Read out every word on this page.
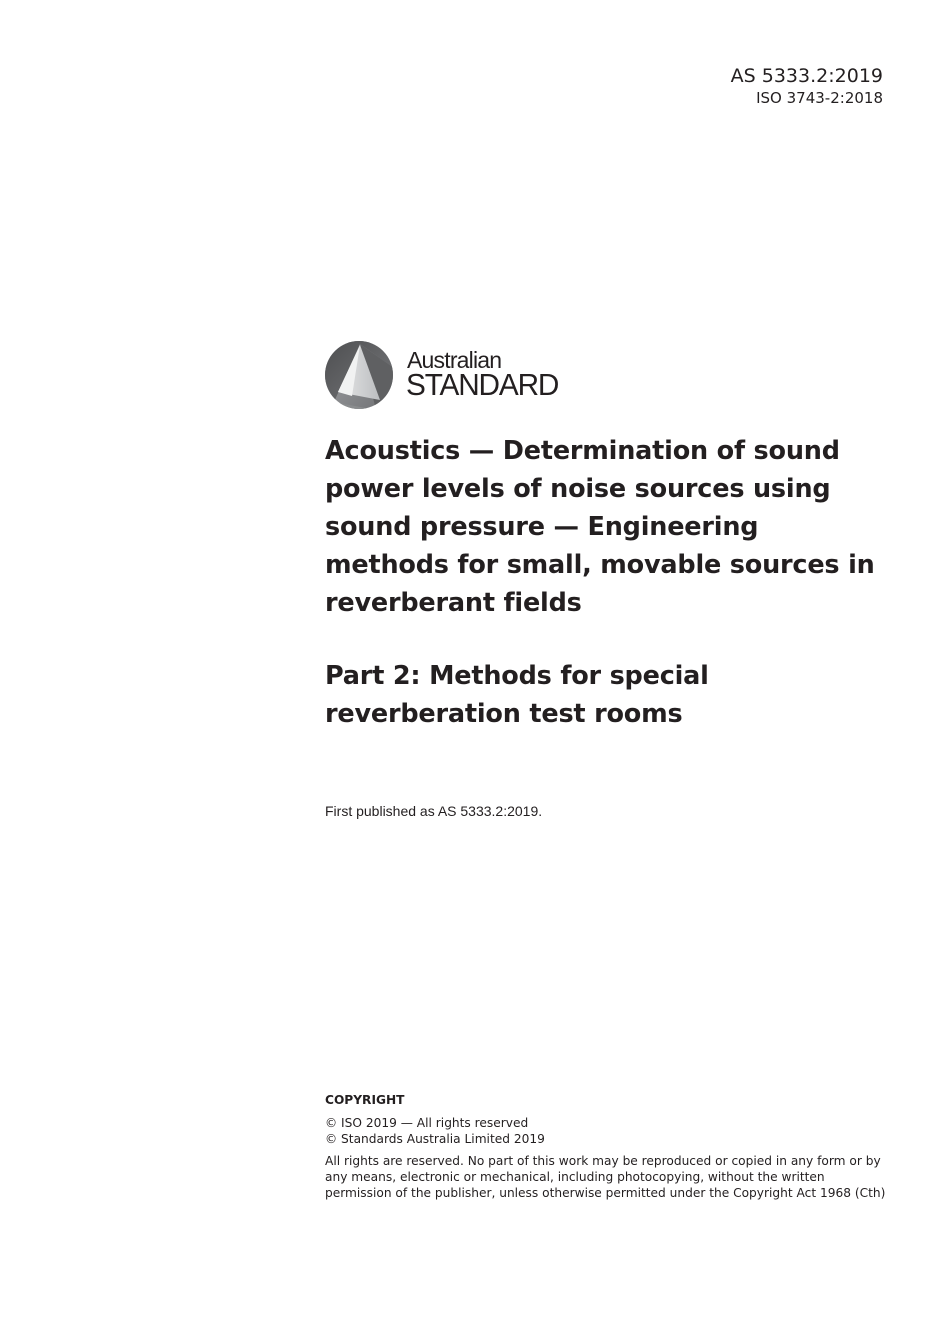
AS 5333.2:2019
ISO 3743-2:2018
Australian
STANDARD
Acoustics — Determination of sound power levels of noise sources using sound pressure — Engineering methods for small, movable sources in reverberant fields
Part 2: Methods for special reverberation test rooms
First published as AS 5333.2:2019.
COPYRIGHT
© ISO 2019 — All rights reserved
© Standards Australia Limited 2019
All rights are reserved. No part of this work may be reproduced or copied in any form or by any means, electronic or mechanical, including photocopying, without the written permission of the publisher, unless otherwise permitted under the Copyright Act 1968 (Cth)
